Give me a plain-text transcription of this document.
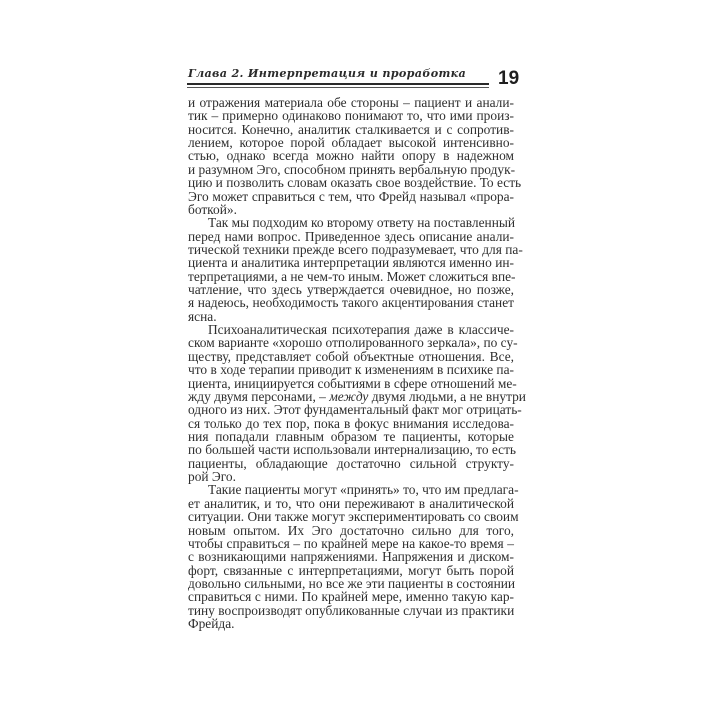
Глава 2. Интерпретация и проработка	19
и отражения материала обе стороны – пациент и анали-
тик – примерно одинаково понимают то, что ими произ-
носится. Конечно, аналитик сталкивается и с сопротив-
лением, которое порой обладает высокой интенсивно-
стью, однако всегда можно найти опору в надежном
и разумном Эго, способном принять вербальную продук-
цию и позволить словам оказать свое воздействие. То есть
Эго может справиться с тем, что Фрейд называл «прора-
боткой».
Так мы подходим ко второму ответу на поставленный
перед нами вопрос. Приведенное здесь описание анали-
тической техники прежде всего подразумевает, что для па-
циента и аналитика интерпретации являются именно ин-
терпретациями, а не чем-то иным. Может сложиться впе-
чатление, что здесь утверждается очевидное, но позже,
я надеюсь, необходимость такого акцентирования станет
ясна.
Психоаналитическая психотерапия даже в классиче-
ском варианте «хорошо отполированного зеркала», по су-
ществу, представляет собой объектные отношения. Все,
что в ходе терапии приводит к изменениям в психике па-
циента, инициируется событиями в сфере отношений ме-
жду двумя персонами, – между двумя людьми, а не внутри
одного из них. Этот фундаментальный факт мог отрицать-
ся только до тех пор, пока в фокус внимания исследова-
ния попадали главным образом те пациенты, которые
по большей части использовали интернализацию, то есть
пациенты, обладающие достаточно сильной структу-
рой Эго.
Такие пациенты могут «принять» то, что им предлага-
ет аналитик, и то, что они переживают в аналитической
ситуации. Они также могут экспериментировать со своим
новым опытом. Их Эго достаточно сильно для того,
чтобы справиться – по крайней мере на какое-то время –
с возникающими напряжениями. Напряжения и диском-
форт, связанные с интерпретациями, могут быть порой
довольно сильными, но все же эти пациенты в состоянии
справиться с ними. По крайней мере, именно такую кар-
тину воспроизводят опубликованные случаи из практики
Фрейда.
